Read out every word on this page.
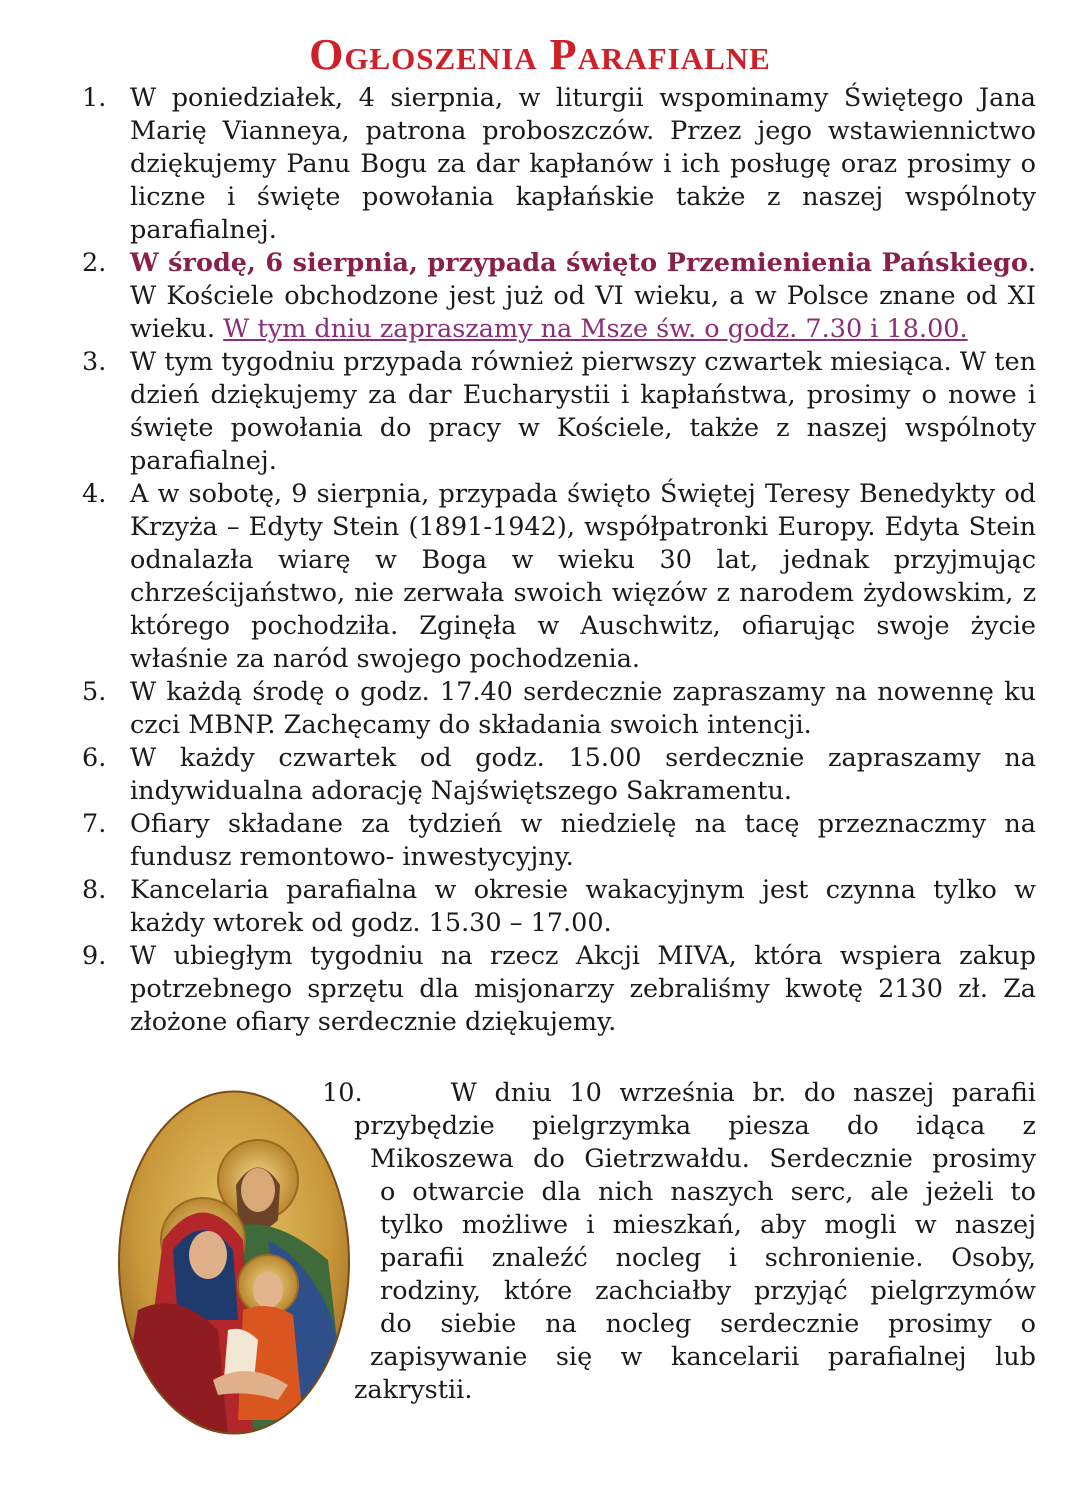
Ogłoszenia Parafialne
1. W poniedziałek, 4 sierpnia, w liturgii wspominamy Świętego Jana Marię Vianneya, patrona proboszczów. Przez jego wstawiennictwo dziękujemy Panu Bogu za dar kapłanów i ich posługę oraz prosimy o liczne i święte powołania kapłańskie także z naszej wspólnoty parafialnej.
2. W środę, 6 sierpnia, przypada święto Przemienienia Pańskiego. W Kościele obchodzone jest już od VI wieku, a w Polsce znane od XI wieku. W tym dniu zapraszamy na Msze św. o godz. 7.30 i 18.00.
3. W tym tygodniu przypada również pierwszy czwartek miesiąca. W ten dzień dziękujemy za dar Eucharystii i kapłaństwa, prosimy o nowe i święte powołania do pracy w Kościele, także z naszej wspólnoty parafialnej.
4. A w sobotę, 9 sierpnia, przypada święto Świętej Teresy Benedykty od Krzyża – Edyty Stein (1891-1942), współpatronki Europy. Edyta Stein odnalazła wiarę w Boga w wieku 30 lat, jednak przyjmując chrześcijaństwo, nie zerwała swoich więzów z narodem żydowskim, z którego pochodziła. Zginęła w Auschwitz, ofiarując swoje życie właśnie za naród swojego pochodzenia.
5. W każdą środę o godz. 17.40 serdecznie zapraszamy na nowennę ku czci MBNP. Zachęcamy do składania swoich intencji.
6. W każdy czwartek od godz. 15.00 serdecznie zapraszamy na indywidualna adorację Najświętszego Sakramentu.
7. Ofiary składane za tydzień w niedzielę na tacę przeznaczmy na fundusz remontowo- inwestycyjny.
8. Kancelaria parafialna w okresie wakacyjnym jest czynna tylko w każdy wtorek od godz. 15.30 – 17.00.
9. W ubiegłym tygodniu na rzecz Akcji MIVA, która wspiera zakup potrzebnego sprzętu dla misjonarzy zebraliśmy kwotę 2130 zł. Za złożone ofiary serdecznie dziękujemy.
10.	W dniu 10 września br. do naszej parafii
przybędzie pielgrzymka piesza do idąca z
Mikoszewa do Gietrzwałdu. Serdecznie prosimy
o otwarcie dla nich naszych serc, ale jeżeli to
tylko możliwe i mieszkań, aby mogli w naszej
parafii znaleźć nocleg i schronienie. Osoby,
rodziny, które zachciałby przyjąć pielgrzymów
do siebie na nocleg serdecznie prosimy o
zapisywanie się w kancelarii parafialnej lub
zakrystii.
